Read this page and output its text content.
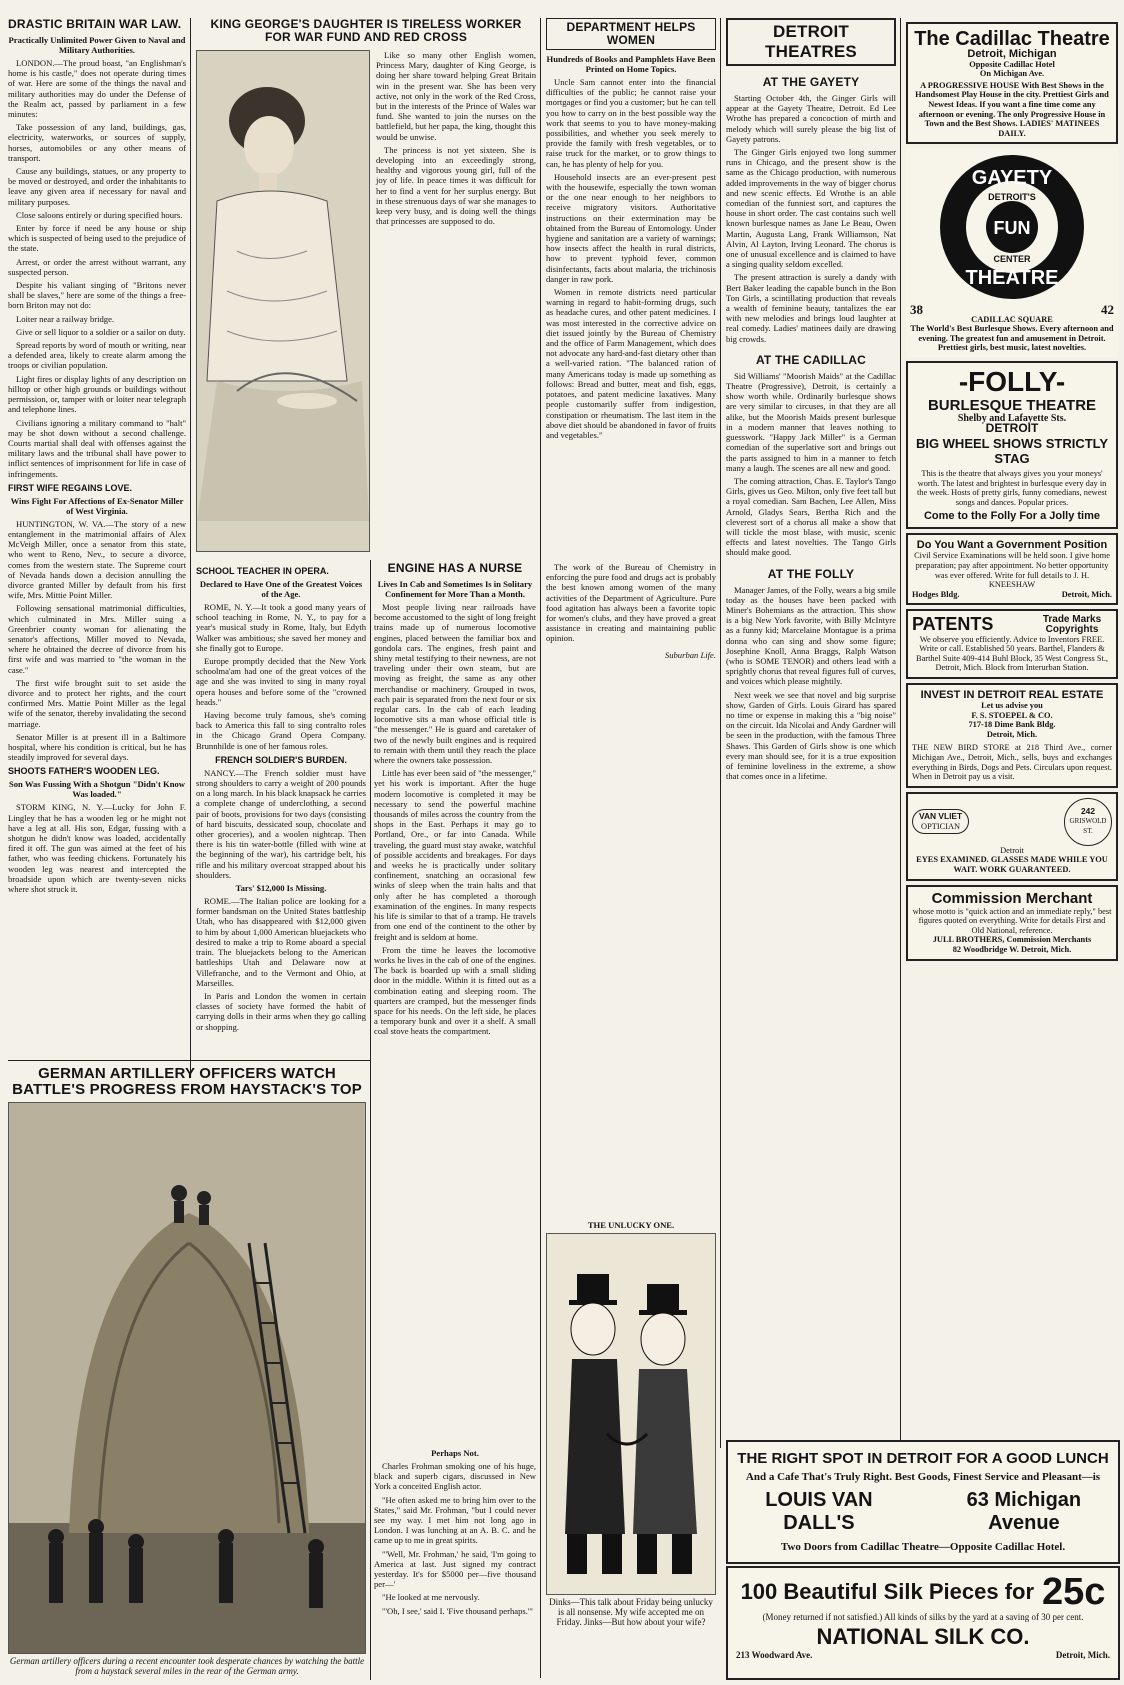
DRASTIC BRITAIN WAR LAW.
Practically Unlimited Power Given to Naval and Military Authorities.

LONDON.—The proud boast, "an Englishman's home is his castle," does not operate during times of war. Here are some of the things the naval and military authorities may do under the Defense of the Realm act, passed by parliament in a few minutes:

Take possession of any land, buildings, gas, electricity, waterworks, or sources of supply, horses, automobiles or any other means of transport.

Cause any buildings, statues, or any property to be moved or destroyed, and order the inhabitants to leave any given area if necessary for naval and military purposes.

Close saloons entirely or during specified hours.

Enter by force if need be any house or ship which is suspected of being used to the prejudice of the state.

Arrest, or order the arrest without warrant, any suspected person.

Despite his valiant singing of "Britons never shall be slaves," here are some of the things a free-born Briton may not do:

Loiter near a railway bridge.

Give or sell liquor to a soldier or a sailor on duty.

Spread reports by word of mouth or writing, near a defended area, likely to create alarm among the troops or civilian population.

Light fires or display lights of any description on hilltop or other high grounds or buildings without permission, or, tamper with or loiter near telegraph and telephone lines.

Civilians ignoring a military command to "halt" may be shot down without a second challenge. Courts martial shall deal with offenses against the military laws and the tribunal shall have power to inflict sentences of imprisonment for life in case of infringements.

FIRST WIFE REGAINS LOVE.
Wins Fight For Affections of Ex-Senator Miller of West Virginia.

HUNTINGTON, W. VA.—The story of a new entanglement in the matrimonial affairs of Alex McVeigh Miller, once a senator from this state, who went to Reno, Nev., to secure a divorce, comes from the western state. The Supreme court of Nevada hands down a decision annulling the divorce granted Miller by default from his first wife, Mrs. Mittie Point Miller.

Following sensational matrimonial difficulties, which culminated in Mrs. Miller suing a Greenbrier county woman for alienating the senator's affections, Miller moved to Nevada, where he obtained the decree of divorce from his first wife and was married to "the woman in the case."

The first wife brought suit to set aside the divorce and to protect her rights, and the court confirmed Mrs. Mattie Point Miller as the legal wife of the senator, thereby invalidating the second marriage.

Senator Miller is at present ill in a Baltimore hospital, where his condition is critical, but he has steadily improved for several days.

SHOOTS FATHER'S WOODEN LEG.
Son Was Fussing With a Shotgun "Didn't Know Was loaded."

STORM KING, N. Y.—Lucky for John F. Lingley that he has a wooden leg or he might not have a leg at all. His son, Edgar, fussing with a shotgun he didn't know was loaded, accidentally fired it off. The gun was aimed at the feet of his father, who was feeding chickens. Fortunately his wooden leg was nearest and intercepted the broadside upon which are twenty-seven nicks where shot struck it.

KING GEORGE'S DAUGHTER IS TIRELESS WORKER FOR WAR FUND AND RED CROSS

Like so many other English women, Princess Mary, daughter of King George, is doing her share toward helping Great Britain win in the present war. She has been very active, not only in the work of the Red Cross, but in the interests of the Prince of Wales war fund. She wanted to join the nurses on the battlefield, but her papa, the king, thought this would be unwise.

The princess is not yet sixteen. She is developing into an exceedingly strong, healthy and vigorous young girl, full of the joy of life. In peace times it was difficult for her to find a vent for her surplus energy. But in these strenuous days of war she manages to keep very busy, and is doing well the things that princesses are supposed to do.

SCHOOL TEACHER IN OPERA.
Declared to Have One of the Greatest Voices of the Age.

ROME, N. Y.—It took a good many years of school teaching in Rome, N. Y., to pay for a year's musical study in Rome, Italy, but Edyth Walker was ambitious; she saved her money and she finally got to Europe.

Europe promptly decided that the New York schoolma'am had one of the great voices of the age and she was invited to sing in many royal opera houses and before some of the "crowned heads."

Having become truly famous, she's coming back to America this fall to sing contralto roles in the Chicago Grand Opera Company. Brunnhilde is one of her famous roles.

FRENCH SOLDIER'S BURDEN.

NANCY.—The French soldier must have strong shoulders to carry a weight of 200 pounds on a long march. In his black knapsack he carries a complete change of underclothing, a second pair of boots, provisions for two days (consisting of hard biscuits, dessicated soup, chocolate and other groceries), and a woolen nightcap. Then there is his tin water-bottle (filled with wine at the beginning of the war), his cartridge belt, his rifle and his military overcoat strapped about his shoulders.

Tars' $12,000 Is Missing.

ROME.—The Italian police are looking for a former bandsman on the United States battleship Utah, who has disappeared with $12,000 given to him by about 1,000 American bluejackets who desired to make a trip to Rome aboard a special train. The bluejackets belong to the American battleships Utah and Delaware now at Villefranche, and to the Vermont and Ohio, at Marseilles.

In Paris and London the women in certain classes of society have formed the habit of carrying dolls in their arms when they go calling or shopping.

GERMAN ARTILLERY OFFICERS WATCH BATTLE'S PROGRESS FROM HAYSTACK'S TOP
German artillery officers during a recent encounter took desperate chances by watching the battle from a haystack several miles in the rear of the German army.
DEPARTMENT HELPS WOMEN
Hundreds of Books and Pamphlets Have Been Printed on Home Topics.

Uncle Sam cannot enter into the financial difficulties of the public; he cannot raise your mortgages or find you a customer; but he can tell you how to carry on in the best possible way the work that seems to you to have money-making possibilities, and whether you seek merely to provide the family with fresh vegetables, or to raise truck for the market, or to grow things to can, he has plenty of help for you.

Household insects are an ever-present pest with the housewife, especially the town woman or the one near enough to her neighbors to receive migratory visitors. Authoritative instructions on their extermination may be obtained from the Bureau of Entomology. Under hygiene and sanitation are a variety of warnings; how insects affect the health in rural districts, how to prevent typhoid fever, common disinfectants, facts about malaria, the trichinosis danger in raw pork.

Women in remote districts need particular warning in regard to habit-forming drugs, such as headache cures, and other patent medicines. I was most interested in the corrective advice on diet issued jointly by the Bureau of Chemistry and the office of Farm Management, which does not advocate any hard-and-fast dietary other than a well-varied ration. "The balanced ration of many Americans today is made up something as follows: Bread and butter, meat and fish, eggs, potatoes, and patent medicine laxatives. Many people customarily suffer from indigestion, constipation or rheumatism. The last item in the above diet should be abandoned in favor of fruits and vegetables."

ENGINE HAS A NURSE
Lives In Cab and Sometimes Is in Solitary Confinement for More Than a Month.

Most people living near railroads have become accustomed to the sight of long freight trains made up of numerous locomotive engines, placed between the familiar box and gondola cars. The engines, fresh paint and shiny metal testifying to their newness, are not traveling under their own steam, but are moving as freight, the same as any other merchandise or machinery. Grouped in twos, each pair is separated from the next four or six regular cars. In the cab of each leading locomotive sits a man whose official title is "the messenger." He is guard and caretaker of two of the newly built engines and is required to remain with them until they reach the place where the owners take possession.

Little has ever been said of "the messenger," yet his work is important. After the huge modern locomotive is completed it may be necessary to send the powerful machine thousands of miles across the country from the shops in the East. Perhaps it may go to Portland, Ore., or far into Canada. While traveling, the guard must stay awake, watchful of possible accidents and breakages. For days and weeks he is practically under solitary confinement, snatching an occasional few winks of sleep when the train halts and that only after he has completed a thorough examination of the engines. In many respects his life is similar to that of a tramp. He travels from one end of the continent to the other by freight and is seldom at home.

From the time he leaves the locomotive works he lives in the cab of one of the engines. The back is boarded up with a small sliding door in the middle. Within it is fitted out as a combination eating and sleeping room. The quarters are cramped, but the messenger finds space for his needs. On the left side, he places a temporary bunk and over it a shelf. A small coal stove heats the compartment.

Perhaps Not.

Charles Frohman smoking one of his huge, black and superb cigars, discussed in New York a conceited English actor.

"He often asked me to bring him over to the States," said Mr. Frohman, "but I could never see my way. I met him not long ago in London. I was lunching at an A. B. C. and he came up to me in great spirits.

"'Well, Mr. Frohman,' he said, 'I'm going to America at last. Just signed my contract yesterday. It's for $5000 per—five thousand per—'

"He looked at me nervously.

"'Oh, I see,' said I. 'Five thousand perhaps.'"

The work of the Bureau of Chemistry in enforcing the pure food and drugs act is probably the best known among women of the many activities of the Department of Agriculture. Pure food agitation has always been a favorite topic for women's clubs, and they have proved a great assistance in creating and maintaining public opinion.

Suburban Life.
THE UNLUCKY ONE.
Dinks—This talk about Friday being unlucky is all nonsense. My wife accepted me on Friday. Jinks—But how about your wife?
DETROIT THEATRES
AT THE GAYETY

Starting October 4th, the Ginger Girls will appear at the Gayety Theatre, Detroit. Ed Lee Wrothe has prepared a concoction of mirth and melody which will surely please the big list of Gayety patrons.

The Ginger Girls enjoyed two long summer runs in Chicago, and the present show is the same as the Chicago production, with numerous added improvements in the way of bigger chorus and new scenic effects. Ed Wrothe is an able comedian of the funniest sort, and captures the house in short order. The cast contains such well known burlesque names as Jane Le Beau, Owen Martin, Augusta Lang, Frank Williamson, Nat Alvin, Al Layton, Irving Leonard. The chorus is one of unusual excellence and is claimed to have a singing quality seldom excelled.

The present attraction is surely a dandy with Bert Baker leading the capable bunch in the Bon Ton Girls, a scintillating production that reveals a wealth of feminine beauty, tantalizes the ear with new melodies and brings loud laughter at real comedy. Ladies' matinees daily are drawing big crowds.

AT THE CADILLAC

Sid Williams' "Moorish Maids" at the Cadillac Theatre (Progressive), Detroit, is certainly a show worth while. Ordinarily burlesque shows are very similar to circuses, in that they are all alike, but the Moorish Maids present burlesque in a modern manner that leaves nothing to guesswork. "Happy Jack Miller" is a German comedian of the superlative sort and brings out the parts assigned to him in a manner to fetch many a laugh. The scenes are all new and good.

The coming attraction, Chas. E. Taylor's Tango Girls, gives us Geo. Milton, only five feet tall but a royal comedian. Sam Bachen, Lee Allen, Miss Arnold, Gladys Sears, Bertha Rich and the cleverest sort of a chorus all make a show that will tickle the most blase, with music, scenic effects and latest novelties. The Tango Girls should make good.

AT THE FOLLY

Manager James, of the Folly, wears a big smile today as the houses have been packed with Miner's Bohemians as the attraction. This show is a big New York favorite, with Billy McIntyre as a funny kid; Marcelaine Montague is a prima donna who can sing and show some figure; Josephine Knoll, Anna Braggs, Ralph Watson (who is SOME TENOR) and others lead with a sprightly chorus that reveal figures full of curves, and voices which please mightily.

Next week we see that novel and big surprise show, Garden of Girls. Louis Girard has spared no time or expense in making this a "big noise" on the circuit. Ida Nicolai and Andy Gardner will be seen in the production, with the famous Three Shaws. This Garden of Girls show is one which every man should see, for it is a true exposition of feminine loveliness in the extreme, a show that comes once in a lifetime.

The Cadillac Theatre
Detroit, Michigan
Opposite Cadillac Hotel
On Michigan Ave.
A PROGRESSIVE HOUSE With Best Shows in the Handsomest Play House in the city. Prettiest Girls and Newest Ideas. If you want a fine time come any afternoon or evening. The only Progressive House in Town and the Best Shows. LADIES' MATINEES DAILY.
GAYETY
THEATRE
DETROIT'S
FUN
CENTER
38	42
CADILLAC SQUARE
The World's Best Burlesque Shows. Every afternoon and evening. The greatest fun and amusement in Detroit. Prettiest girls, best music, latest novelties.
-FOLLY-
BURLESQUE THEATRE
Shelby and Lafayette Sts.
DETROIT
BIG WHEEL SHOWS STRICTLY STAG
This is the theatre that always gives you your moneys' worth. The latest and brightest in burlesque every day in the week. Hosts of pretty girls, funny comedians, newest songs and dances. Popular prices.
Come to the Folly For a Jolly time
Do You Want a Government Position
Civil Service Examinations will be held soon. I give home preparation; pay after appointment. No better opportunity was ever offered. Write for full details to J. H. KNEESHAW
Hodges Bldg.	Detroit, Mich.
PATENTS	Trade Marks Copyrights
We observe you efficiently. Advice to Inventors FREE. Write or call. Established 50 years. Barthel, Flanders & Barthel Suite 409-414 Buhl Block, 35 West Congress St., Detroit, Mich. Block from Interurban Station.
INVEST IN DETROIT REAL ESTATE
Let us advise you
F. S. STOEPEL & CO.
717-18 Dime Bank Bldg.
Detroit, Mich.
THE NEW BIRD STORE at 218 Third Ave., corner Michigan Ave., Detroit, Mich., sells, buys and exchanges everything in Birds, Dogs and Pets. Circulars upon request. When in Detroit pay us a visit.
VAN VLIET
OPTICIAN
242
GRISWOLD ST.
Detroit
EYES EXAMINED. GLASSES MADE WHILE YOU WAIT. WORK GUARANTEED.
Commission Merchant
whose motto is "quick action and an immediate reply," best figures quoted on everything. Write for details First and Old National, reference.
JULL BROTHERS, Commission Merchants
82 Woodbridge W. Detroit, Mich.
THE RIGHT SPOT IN DETROIT FOR A GOOD LUNCH
And a Cafe That's Truly Right. Best Goods, Finest Service and Pleasant—is
LOUIS VAN DALL'S
63 Michigan Avenue
Two Doors from Cadillac Theatre—Opposite Cadillac Hotel.
100 Beautiful Silk Pieces for 25c
(Money returned if not satisfied.) All kinds of silks by the yard at a saving of 30 per cent.
NATIONAL SILK CO.
213 Woodward Ave.	Detroit, Mich.
